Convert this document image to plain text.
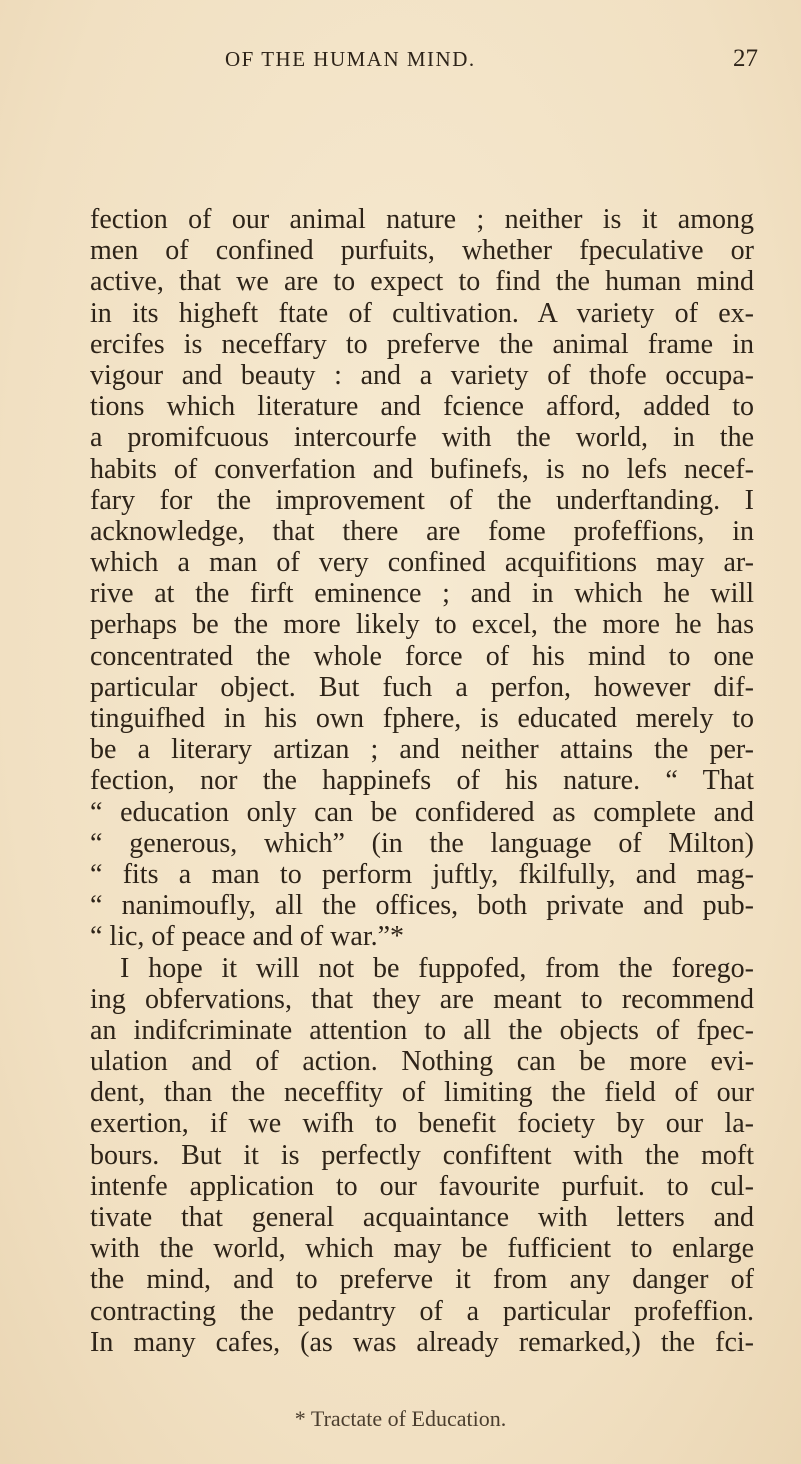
OF THE HUMAN MIND.	27
fection of our animal nature ; neither is it among
men of confined purfuits, whether fpeculative or
active, that we are to expect to find the human mind
in its higheft ftate of cultivation. A variety of ex-
ercifes is neceffary to preferve the animal frame in
vigour and beauty : and a variety of thofe occupa-
tions which literature and fcience afford, added to
a promifcuous intercourfe with the world, in the
habits of converfation and bufinefs, is no lefs necef-
fary for the improvement of the underftanding. I
acknowledge, that there are fome profeffions, in
which a man of very confined acquifitions may ar-
rive at the firft eminence ; and in which he will
perhaps be the more likely to excel, the more he has
concentrated the whole force of his mind to one
particular object. But fuch a perfon, however dif-
tinguifhed in his own fphere, is educated merely to
be a literary artizan ; and neither attains the per-
fection, nor the happinefs of his nature. “ That
“ education only can be confidered as complete and
“ generous, which” (in the language of Milton)
“ fits a man to perform juftly, fkilfully, and mag-
“ nanimoufly, all the offices, both private and pub-
“ lic, of peace and of war.”*
I hope it will not be fuppofed, from the forego-
ing obfervations, that they are meant to recommend
an indifcriminate attention to all the objects of fpec-
ulation and of action. Nothing can be more evi-
dent, than the neceffity of limiting the field of our
exertion, if we wifh to benefit fociety by our la-
bours. But it is perfectly confiftent with the moft
intenfe application to our favourite purfuit. to cul-
tivate that general acquaintance with letters and
with the world, which may be fufficient to enlarge
the mind, and to preferve it from any danger of
contracting the pedantry of a particular profeffion.
In many cafes, (as was already remarked,) the fci-
* Tractate of Education.
